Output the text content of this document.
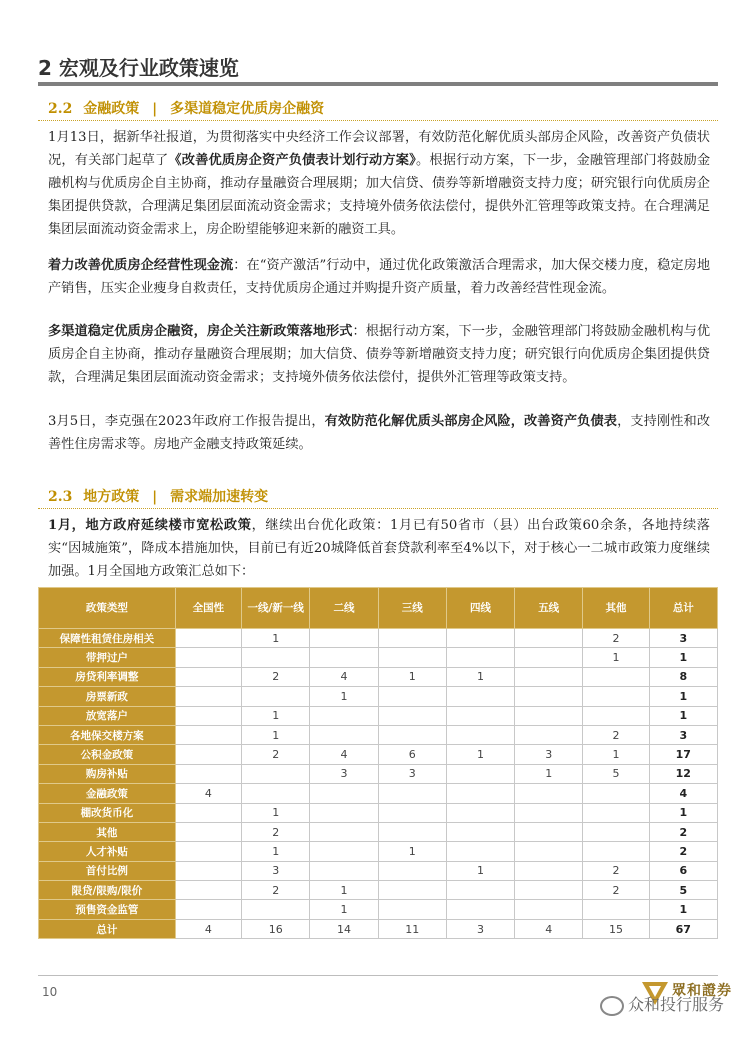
2 宏观及行业政策速览
2.2 金融政策 | 多渠道稳定优质房企融资

1月13日，据新华社报道，为贯彻落实中央经济工作会议部署，有效防范化解优质头部房企风险，改善资产负债状况，有关部门起草了《改善优质房企资产负债表计划行动方案》。根据行动方案，下一步，金融管理部门将鼓励金融机构与优质房企自主协商，推动存量融资合理展期；加大信贷、债券等新增融资支持力度；研究银行向优质房企集团提供贷款，合理满足集团层面流动资金需求；支持境外债务依法偿付，提供外汇管理等政策支持。在合理满足集团层面流动资金需求上，房企盼望能够迎来新的融资工具。

着力改善优质房企经营性现金流：在“资产激活”行动中，通过优化政策激活合理需求，加大保交楼力度，稳定房地产销售，压实企业瘦身自救责任，支持优质房企通过并购提升资产质量，着力改善经营性现金流。

多渠道稳定优质房企融资，房企关注新政策落地形式：根据行动方案，下一步，金融管理部门将鼓励金融机构与优质房企自主协商，推动存量融资合理展期；加大信贷、债券等新增融资支持力度；研究银行向优质房企集团提供贷款，合理满足集团层面流动资金需求；支持境外债务依法偿付，提供外汇管理等政策支持。

3月5日，李克强在2023年政府工作报告提出，有效防范化解优质头部房企风险，改善资产负债表，支持刚性和改善性住房需求等。房地产金融支持政策延续。

2.3 地方政策 | 需求端加速转变

1月，地方政府延续楼市宽松政策，继续出台优化政策：1月已有50省市（县）出台政策60余条，各地持续落实“因城施策”，降成本措施加快，目前已有近20城降低首套贷款利率至4%以下，对于核心一二城市政策力度继续加强。1月全国地方政策汇总如下：

政策类型	全国性	一线/新一线	二线	三线	四线	五线	其他	总计
保障性租赁住房相关		1					2	3
带押过户							1	1
房贷利率调整		2	4	1	1			8
房票新政			1					1
放宽落户		1						1
各地保交楼方案		1					2	3
公积金政策		2	4	6	1	3	1	17
购房补贴			3	3		1	5	12
金融政策	4							4
棚改货币化		1						1
其他		2						2
人才补贴		1		1				2
首付比例		3			1		2	6
限贷/限购/限价		2	1				2	5
预售资金监管			1					1
总计	4	16	14	11	3	4	15	67
10	眾和證券
众和投行服务
